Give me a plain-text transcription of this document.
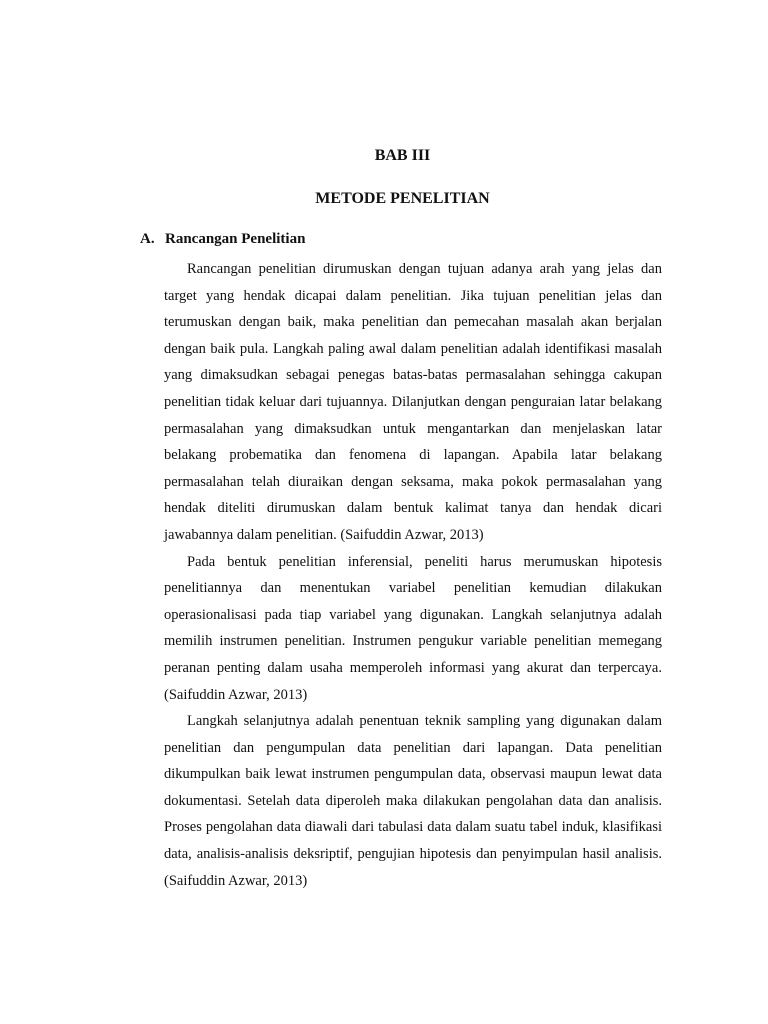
BAB III
METODE PENELITIAN
A. Rancangan Penelitian

Rancangan penelitian dirumuskan dengan tujuan adanya arah yang jelas dan target yang hendak dicapai dalam penelitian. Jika tujuan penelitian jelas dan terumuskan dengan baik, maka penelitian dan pemecahan masalah akan berjalan dengan baik pula. Langkah paling awal dalam penelitian adalah identifikasi masalah yang dimaksudkan sebagai penegas batas-batas permasalahan sehingga cakupan penelitian tidak keluar dari tujuannya. Dilanjutkan dengan penguraian latar belakang permasalahan yang dimaksudkan untuk mengantarkan dan menjelaskan latar belakang probematika dan fenomena di lapangan. Apabila latar belakang permasalahan telah diuraikan dengan seksama, maka pokok permasalahan yang hendak diteliti dirumuskan dalam bentuk kalimat tanya dan hendak dicari jawabannya dalam penelitian. (Saifuddin Azwar, 2013)

Pada bentuk penelitian inferensial, peneliti harus merumuskan hipotesis penelitiannya dan menentukan variabel penelitian kemudian dilakukan operasionalisasi pada tiap variabel yang digunakan. Langkah selanjutnya adalah memilih instrumen penelitian. Instrumen pengukur variable penelitian memegang peranan penting dalam usaha memperoleh informasi yang akurat dan terpercaya. (Saifuddin Azwar, 2013)

Langkah selanjutnya adalah penentuan teknik sampling yang digunakan dalam penelitian dan pengumpulan data penelitian dari lapangan. Data penelitian dikumpulkan baik lewat instrumen pengumpulan data, observasi maupun lewat data dokumentasi. Setelah data diperoleh maka dilakukan pengolahan data dan analisis. Proses pengolahan data diawali dari tabulasi data dalam suatu tabel induk, klasifikasi data, analisis-analisis deksriptif, pengujian hipotesis dan penyimpulan hasil analisis. (Saifuddin Azwar, 2013)
